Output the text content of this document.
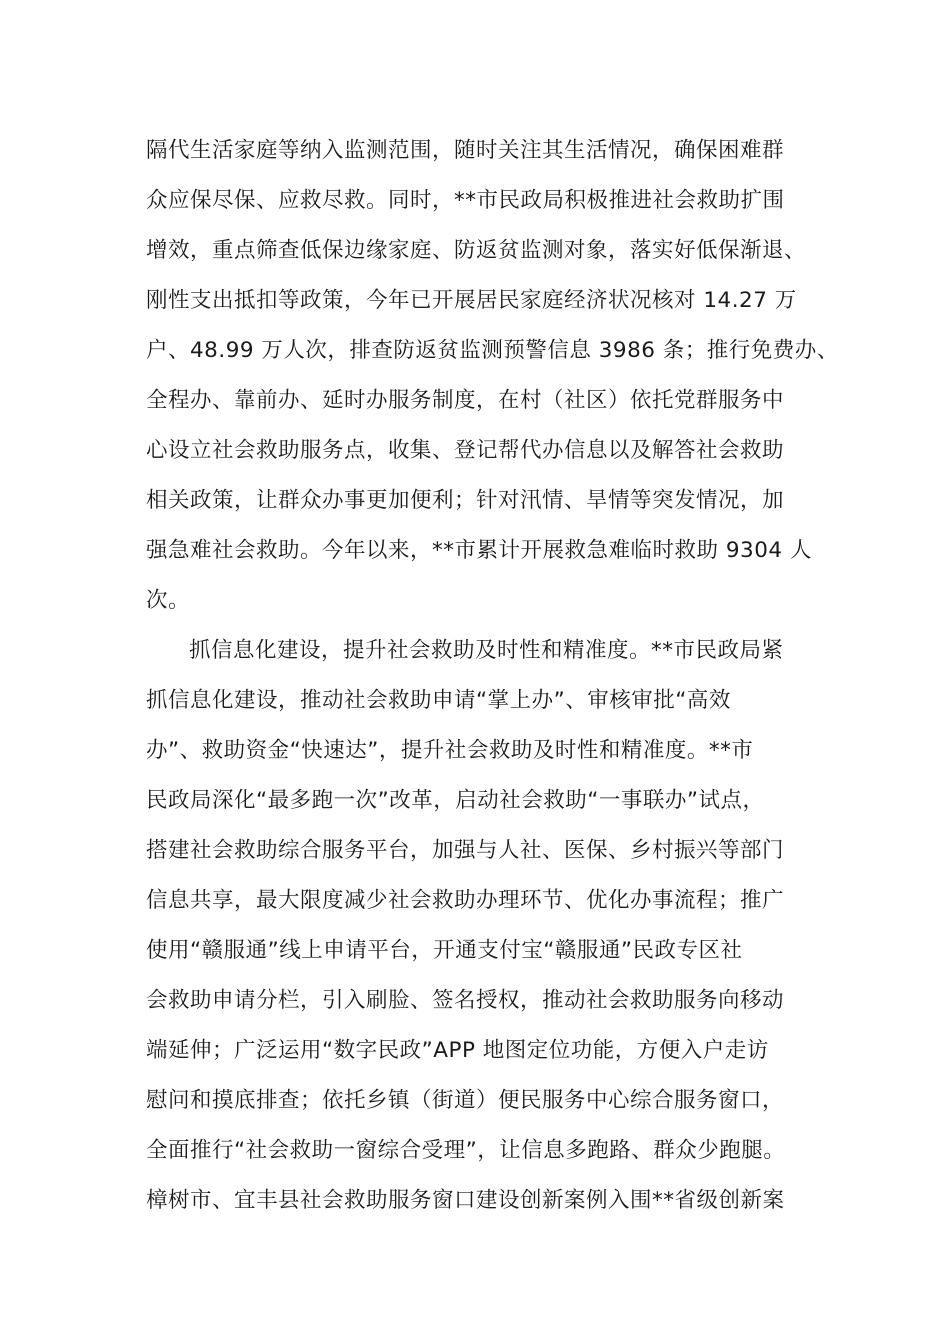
隔代生活家庭等纳入监测范围，随时关注其生活情况，确保困难群
众应保尽保、应救尽救。同时，**市民政局积极推进社会救助扩围
增效，重点筛查低保边缘家庭、防返贫监测对象，落实好低保渐退、
刚性支出抵扣等政策，今年已开展居民家庭经济状况核对 14.27 万
户、48.99 万人次，排查防返贫监测预警信息 3986 条；推行免费办、
全程办、靠前办、延时办服务制度，在村（社区）依托党群服务中
心设立社会救助服务点，收集、登记帮代办信息以及解答社会救助
相关政策，让群众办事更加便利；针对汛情、旱情等突发情况，加
强急难社会救助。今年以来，**市累计开展救急难临时救助 9304 人
次。
抓信息化建设，提升社会救助及时性和精准度。**市民政局紧
抓信息化建设，推动社会救助申请“掌上办”、审核审批“高效
办”、救助资金“快速达”，提升社会救助及时性和精准度。**市
民政局深化“最多跑一次”改革，启动社会救助“一事联办”试点，
搭建社会救助综合服务平台，加强与人社、医保、乡村振兴等部门
信息共享，最大限度减少社会救助办理环节、优化办事流程；推广
使用“赣服通”线上申请平台，开通支付宝“赣服通”民政专区社
会救助申请分栏，引入刷脸、签名授权，推动社会救助服务向移动
端延伸；广泛运用“数字民政”APP 地图定位功能，方便入户走访
慰问和摸底排查；依托乡镇（街道）便民服务中心综合服务窗口，
全面推行“社会救助一窗综合受理”，让信息多跑路、群众少跑腿。
樟树市、宜丰县社会救助服务窗口建设创新案例入围**省级创新案
